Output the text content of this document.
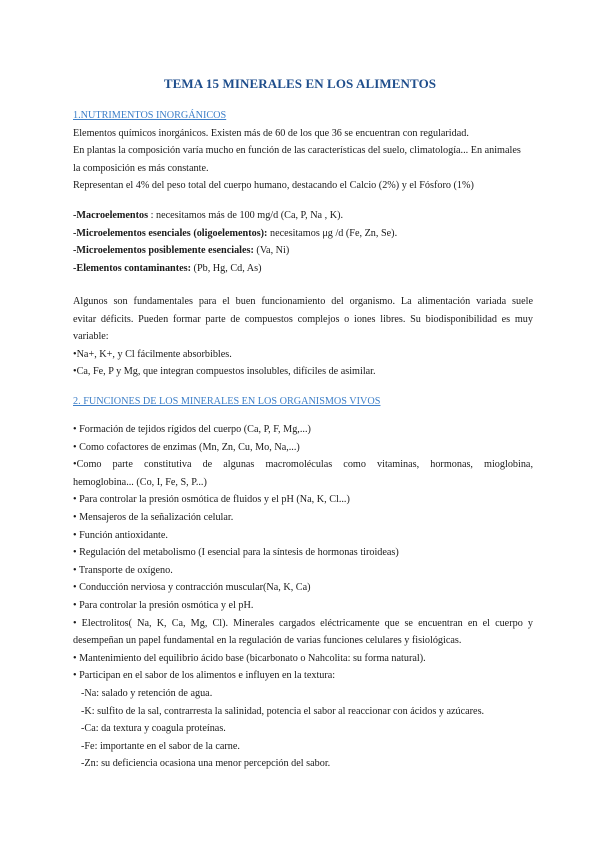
TEMA 15 MINERALES EN LOS ALIMENTOS
1.NUTRIMENTOS INORGÁNICOS
Elementos químicos inorgánicos. Existen más de 60 de los que 36 se encuentran con regularidad.
En plantas la composición varía mucho en función de las características del suelo, climatología... En animales
la composición es más constante.
Representan el 4% del peso total del cuerpo humano, destacando el Calcio (2%) y el Fósforo (1%)
-Macroelementos : necesitamos más de 100 mg/d (Ca, P, Na , K).
-Microelementos esenciales (oligoelementos): necesitamos μg /d (Fe, Zn, Se).
-Microelementos posiblemente esenciales: (Va, Ni)
-Elementos contaminantes: (Pb, Hg, Cd, As)
Algunos son fundamentales para el buen funcionamiento del organismo. La alimentación variada suele
evitar déficits. Pueden formar parte de compuestos complejos o iones libres. Su biodisponibilidad es muy
variable:
•Na+, K+, y Cl fácilmente absorbibles.
•Ca, Fe, P y Mg, que integran compuestos insolubles, difíciles de asimilar.
2. FUNCIONES DE LOS MINERALES EN LOS ORGANISMOS VIVOS
• Formación de tejidos rígidos del cuerpo (Ca, P, F, Mg,...)
• Como cofactores de enzimas (Mn, Zn, Cu, Mo, Na,...)
•Como parte constitutiva de algunas macromoléculas como vitaminas, hormonas, mioglobina,
hemoglobina... (Co, I, Fe, S, P...)
• Para controlar la presión osmótica de fluidos y el pH (Na, K, Cl...)
• Mensajeros de la señalización celular.
• Función antioxidante.
• Regulación del metabolismo (I esencial para la síntesis de hormonas tiroideas)
• Transporte de oxígeno.
• Conducción nerviosa y contracción muscular(Na, K, Ca)
• Para controlar la presión osmótica y el pH.
• Electrolitos( Na, K, Ca, Mg, Cl). Minerales cargados eléctricamente que se encuentran en el cuerpo y
desempeñan un papel fundamental en la regulación de varias funciones celulares y fisiológicas.
• Mantenimiento del equilibrio ácido base (bicarbonato o Nahcolita: su forma natural).
• Participan en el sabor de los alimentos e influyen en la textura:
-Na: salado y retención de agua.
-K: sulfito de la sal, contrarresta la salinidad, potencia el sabor al reaccionar con ácidos y azúcares.
-Ca: da textura y coagula proteínas.
-Fe: importante en el sabor de la carne.
-Zn: su deficiencia ocasiona una menor percepción del sabor.
